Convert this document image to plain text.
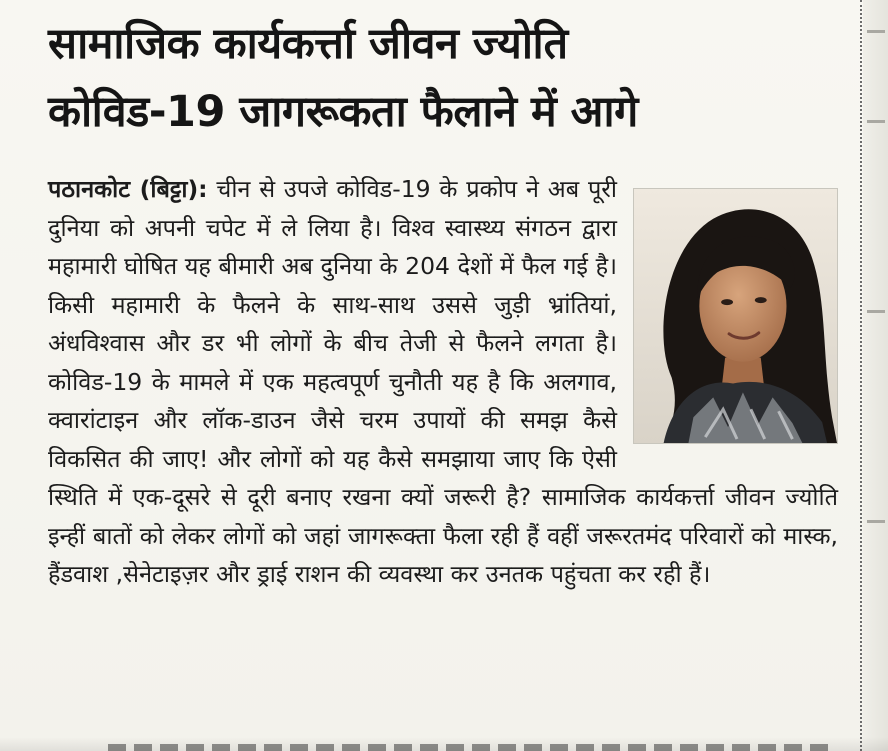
सामाजिक कार्यकर्त्ता जीवन ज्योति
कोविड-19 जागरूकता फैलाने में आगे
पठानकोट (बिट्टा): चीन से उपजे कोविड-19 के प्रकोप ने अब पूरी दुनिया को अपनी चपेट में ले लिया है। विश्व स्वास्थ्य संगठन द्वारा महामारी घोषित यह बीमारी अब दुनिया के 204 देशों में फैल गई है। किसी महामारी के फैलने के साथ-साथ उससे जुड़ी भ्रांतियां, अंधविश्वास और डर भी लोगों के बीच तेजी से फैलने लगता है। कोविड-19 के मामले में एक महत्वपूर्ण चुनौती यह है कि अलगाव, क्वारांटाइन और लॉक-डाउन जैसे चरम उपायों की समझ कैसे विकसित की जाए! और लोगों को यह कैसे समझाया जाए कि ऐसी स्थिति में एक-दूसरे से दूरी बनाए रखना क्यों जरूरी है? सामाजिक कार्यकर्त्ता जीवन ज्योति इन्हीं बातों को लेकर लोगों को जहां जागरूक्ता फैला रही हैं वहीं जरूरतमंद परिवारों को मास्क, हैंडवाश ,सेनेटाइज़र और ड्राई राशन की व्यवस्था कर उनतक पहुंचता कर रही हैं।
